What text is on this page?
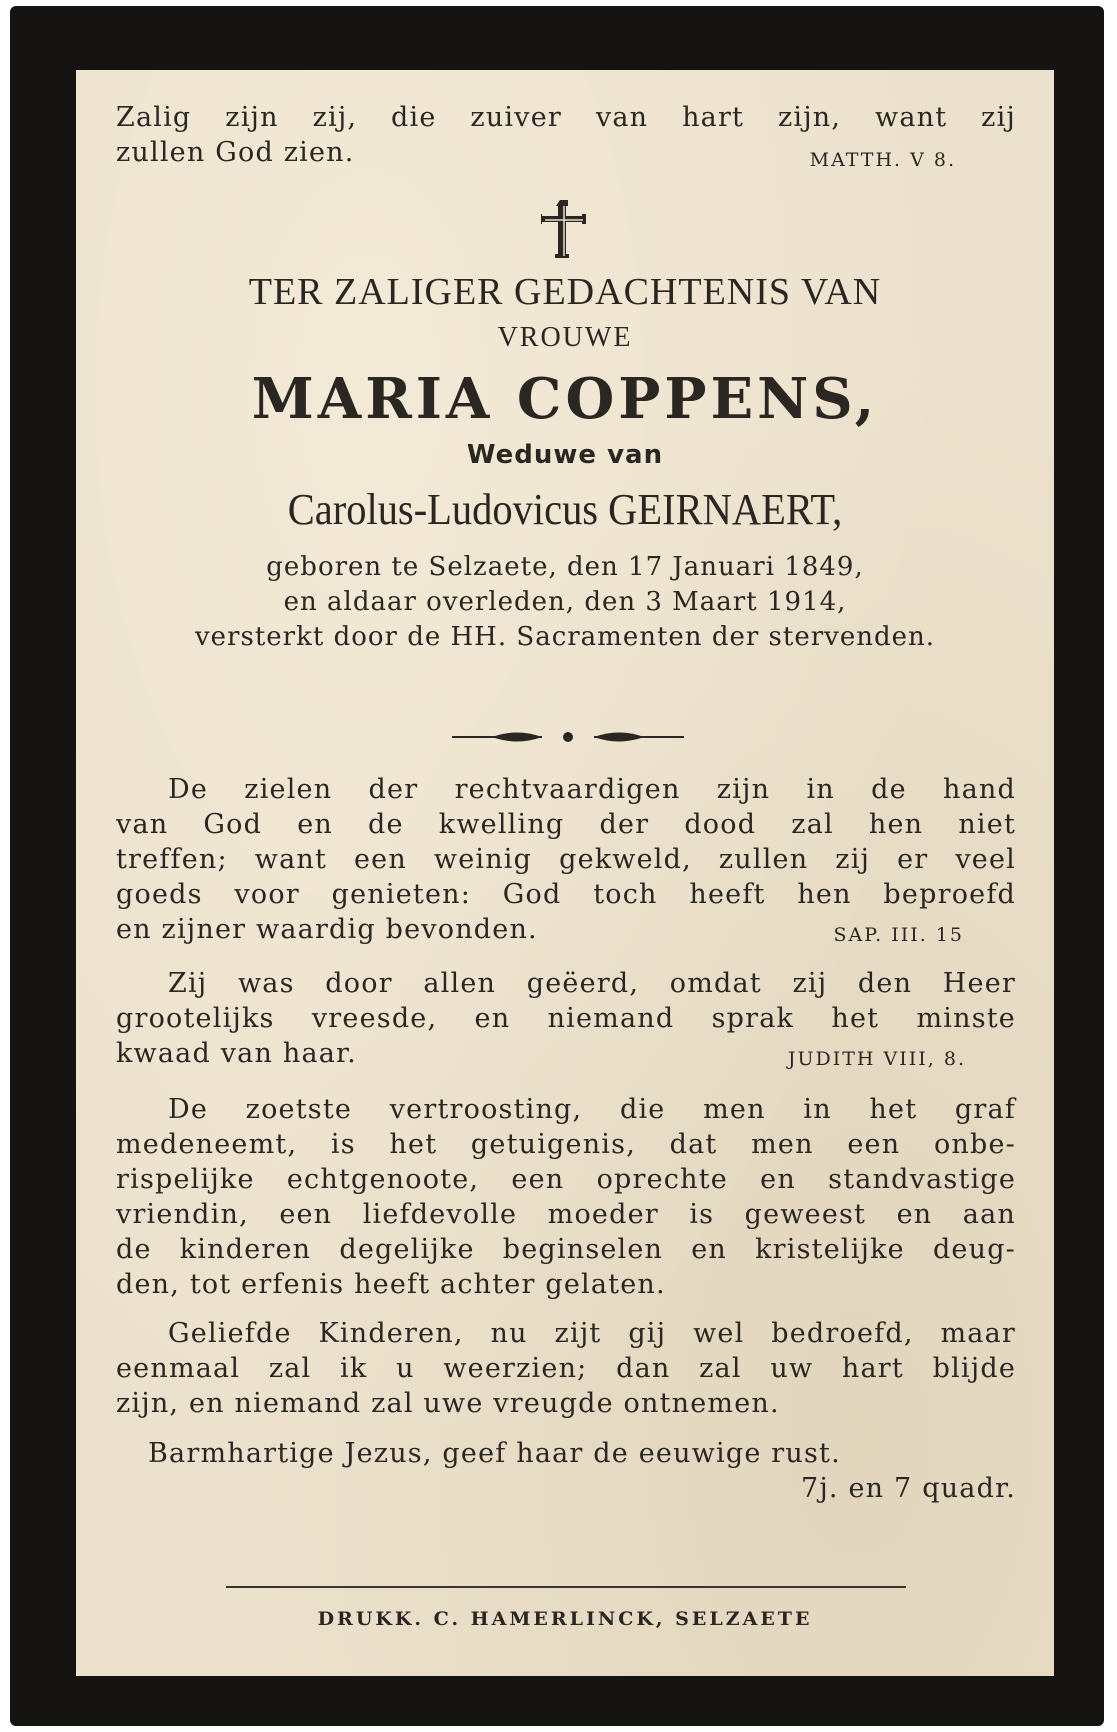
Zalig zijn zij, die zuiver van hart zijn, want zij
zullen God zien.	MATTH. V 8.
TER ZALIGER GEDACHTENIS VAN
VROUWE
MARIA COPPENS,
Weduwe van
Carolus-Ludovicus GEIRNAERT,
geboren te Selzaete, den 17 Januari 1849,
en aldaar overleden, den 3 Maart 1914,
versterkt door de HH. Sacramenten der stervenden.
De zielen der rechtvaardigen zijn in de hand
van God en de kwelling der dood zal hen niet
treffen; want een weinig gekweld, zullen zij er veel
goeds voor genieten: God toch heeft hen beproefd
en zijner waardig bevonden.	SAP. III. 15
Zij was door allen geëerd, omdat zij den Heer
grootelijks vreesde, en niemand sprak het minste
kwaad van haar.	JUDITH VIII, 8.
De zoetste vertroosting, die men in het graf
medeneemt, is het getuigenis, dat men een onbe-
rispelijke echtgenoote, een oprechte en standvastige
vriendin, een liefdevolle moeder is geweest en aan
de kinderen degelijke beginselen en kristelijke deug-
den, tot erfenis heeft achter gelaten.
Geliefde Kinderen, nu zijt gij wel bedroefd, maar
eenmaal zal ik u weerzien; dan zal uw hart blijde
zijn, en niemand zal uwe vreugde ontnemen.
Barmhartige Jezus, geef haar de eeuwige rust.
7j. en 7 quadr.
DRUKK. C. HAMERLINCK, SELZAETE
